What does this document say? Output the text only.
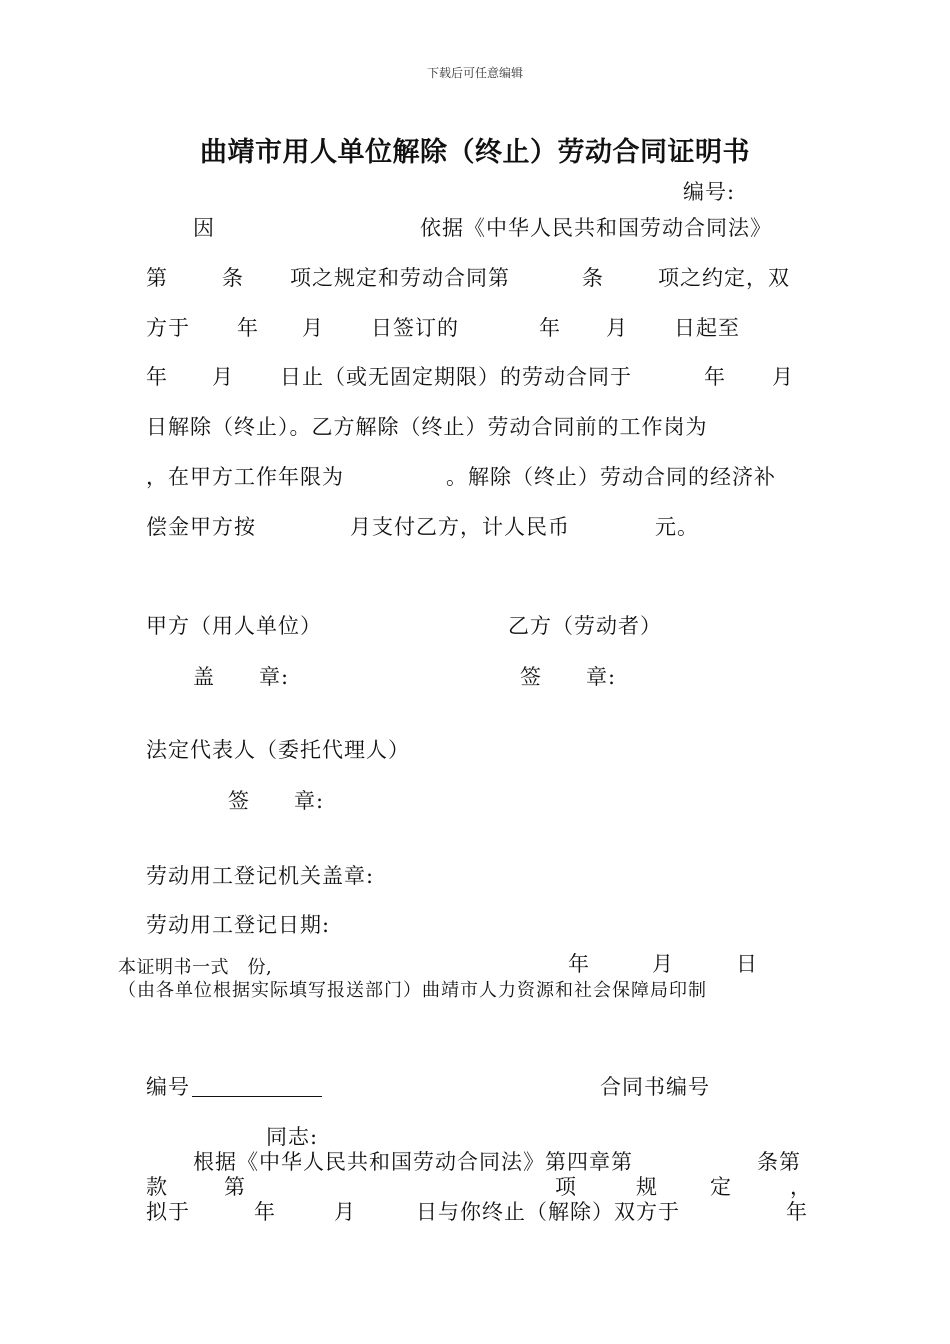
下载后可任意编辑
曲靖市用人单位解除（终止）劳动合同证明书
编号:
因	依据《中华人民共和国劳动合同法》
第	条 项之规定和劳动合同第	条	项之约定，双
方于 年 月 日签订的	年 月 日起至
年 月 日止（或无固定期限）的劳动合同于	年 月
日解除（终止）。乙方解除（终止）劳动合同前的工作岗为
，在甲方工作年限为	。解除（终止）劳动合同的经济补
偿金甲方按	月支付乙方，计人民币	元。
甲方（用人单位）	乙方（劳动者）
盖　　章:	签　　章:
法定代表人（委托代理人）
签　　章:
劳动用工登记机关盖章:
劳动用工登记日期:
本证明书一式　份,	年	月	日
（由各单位根据实际填写报送部门）曲靖市人力资源和社会保障局印制
编号	合同书编号
同志:
根据《中华人民共和国劳动合同法》第四章第	条第
款	第	项	规 定	，
拟于	年	月	日与你终止（解除）双方于	年
